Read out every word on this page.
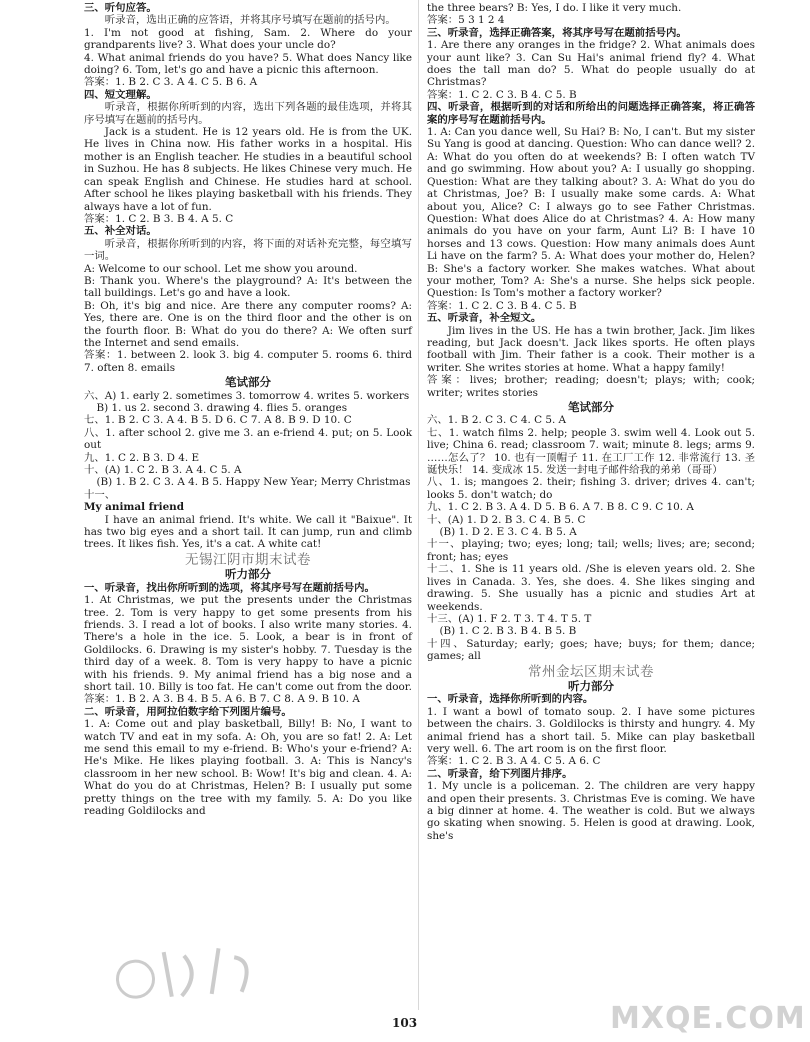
三、听句应答。
听录音，选出正确的应答语，并将其序号填写在题前的括号内。
1. I'm not good at fishing, Sam. 2. Where do your grandparents live? 3. What does your uncle do?
4. What animal friends do you have? 5. What does Nancy like doing? 6. Tom, let's go and have a picnic this afternoon.
答案：1. B 2. C 3. A 4. C 5. B 6. A
四、短文理解。
听录音，根据你所听到的内容，选出下列各题的最佳选项，并将其序号填写在题前的括号内。
Jack is a student. He is 12 years old. He is from the UK. He lives in China now. His father works in a hospital. His mother is an English teacher. He studies in a beautiful school in Suzhou. He has 8 subjects. He likes Chinese very much. He can speak English and Chinese. He studies hard at school. After school he likes playing basketball with his friends. They always have a lot of fun.
答案：1. C 2. B 3. B 4. A 5. C
五、补全对话。
听录音，根据你所听到的内容，将下面的对话补充完整，每空填写一词。
A: Welcome to our school. Let me show you around.
B: Thank you. Where's the playground? A: It's between the tall buildings. Let's go and have a look.
B: Oh, it's big and nice. Are there any computer rooms? A: Yes, there are. One is on the third floor and the other is on the fourth floor. B: What do you do there? A: We often surf the Internet and send emails.
答案：1. between 2. look 3. big 4. computer 5. rooms 6. third 7. often 8. emails
笔试部分
六、A) 1. early 2. sometimes 3. tomorrow 4. writes 5. workers
B) 1. us 2. second 3. drawing 4. flies 5. oranges
七、1. B 2. C 3. A 4. B 5. D 6. C 7. A 8. B 9. D 10. C
八、1. after school 2. give me 3. an e-friend 4. put; on 5. Look out
九、1. C 2. B 3. D 4. E
十、(A) 1. C 2. B 3. A 4. C 5. A
(B) 1. B 2. C 3. A 4. B 5. Happy New Year; Merry Christmas
十一、
My animal friend
I have an animal friend. It's white. We call it "Baixue". It has two big eyes and a short tail. It can jump, run and climb trees. It likes fish. Yes, it's a cat. A white cat!
无锡江阴市期末试卷
听力部分
一、听录音，找出你所听到的选项，将其序号写在题前括号内。
1. At Christmas, we put the presents under the Christmas tree. 2. Tom is very happy to get some presents from his friends. 3. I read a lot of books. I also write many stories. 4. There's a hole in the ice. 5. Look, a bear is in front of Goldilocks. 6. Drawing is my sister's hobby. 7. Tuesday is the third day of a week. 8. Tom is very happy to have a picnic with his friends. 9. My animal friend has a big nose and a short tail. 10. Billy is too fat. He can't come out from the door.
答案：1. B 2. A 3. B 4. B 5. A 6. B 7. C 8. A 9. B 10. A
二、听录音，用阿拉伯数字给下列图片编号。
1. A: Come out and play basketball, Billy! B: No, I want to watch TV and eat in my sofa. A: Oh, you are so fat! 2. A: Let me send this email to my e-friend. B: Who's your e-friend? A: He's Mike. He likes playing football. 3. A: This is Nancy's classroom in her new school. B: Wow! It's big and clean. 4. A: What do you do at Christmas, Helen? B: I usually put some pretty things on the tree with my family. 5. A: Do you like reading Goldilocks and
the three bears? B: Yes, I do. I like it very much.
答案：5 3 1 2 4
三、听录音，选择正确答案，将其序号写在题前括号内。
1. Are there any oranges in the fridge? 2. What animals does your aunt like? 3. Can Su Hai's animal friend fly? 4. What does the tall man do? 5. What do people usually do at Christmas?
答案：1. C 2. C 3. B 4. C 5. B
四、听录音，根据听到的对话和所给出的问题选择正确答案，将正确答案的序号写在题前括号内。
1. A: Can you dance well, Su Hai? B: No, I can't. But my sister Su Yang is good at dancing. Question: Who can dance well? 2. A: What do you often do at weekends? B: I often watch TV and go swimming. How about you? A: I usually go shopping. Question: What are they talking about? 3. A: What do you do at Christmas, Joe? B: I usually make some cards. A: What about you, Alice? C: I always go to see Father Christmas. Question: What does Alice do at Christmas? 4. A: How many animals do you have on your farm, Aunt Li? B: I have 10 horses and 13 cows. Question: How many animals does Aunt Li have on the farm? 5. A: What does your mother do, Helen? B: She's a factory worker. She makes watches. What about your mother, Tom? A: She's a nurse. She helps sick people. Question: Is Tom's mother a factory worker?
答案：1. C 2. C 3. B 4. C 5. B
五、听录音，补全短文。
Jim lives in the US. He has a twin brother, Jack. Jim likes reading, but Jack doesn't. Jack likes sports. He often plays football with Jim. Their father is a cook. Their mother is a writer. She writes stories at home. What a happy family!
答案：lives; brother; reading; doesn't; plays; with; cook; writer; writes stories
笔试部分
六、1. B 2. C 3. C 4. C 5. A
七、1. watch films 2. help; people 3. swim well 4. Look out 5. live; China 6. read; classroom 7. wait; minute 8. legs; arms 9. ……怎么了？ 10. 也有一顶帽子 11. 在工厂工作 12. 非常流行 13. 圣诞快乐！ 14. 变成冰 15. 发送一封电子邮件给我的弟弟（哥哥）
八、1. is; mangoes 2. their; fishing 3. driver; drives 4. can't; looks 5. don't watch; do
九、1. C 2. B 3. A 4. D 5. B 6. A 7. B 8. C 9. C 10. A
十、(A) 1. D 2. B 3. C 4. B 5. C
(B) 1. D 2. E 3. C 4. B 5. A
十一、playing; two; eyes; long; tail; wells; lives; are; second; front; has; eyes
十二、1. She is 11 years old. /She is eleven years old. 2. She lives in Canada. 3. Yes, she does. 4. She likes singing and drawing. 5. She usually has a picnic and studies Art at weekends.
十三、(A) 1. F 2. T 3. T 4. T 5. T
(B) 1. C 2. B 3. B 4. B 5. B
十四、Saturday; early; goes; have; buys; for them; dance; games; all
常州金坛区期末试卷
听力部分
一、听录音，选择你所听到的内容。
1. I want a bowl of tomato soup. 2. I have some pictures between the chairs. 3. Goldilocks is thirsty and hungry. 4. My animal friend has a short tail. 5. Mike can play basketball very well. 6. The art room is on the first floor.
答案：1. C 2. B 3. A 4. C 5. A 6. C
二、听录音，给下列图片排序。
1. My uncle is a policeman. 2. The children are very happy and open their presents. 3. Christmas Eve is coming. We have a big dinner at home. 4. The weather is cold. But we always go skating when snowing. 5. Helen is good at drawing. Look, she's
MXQE.COM
103
